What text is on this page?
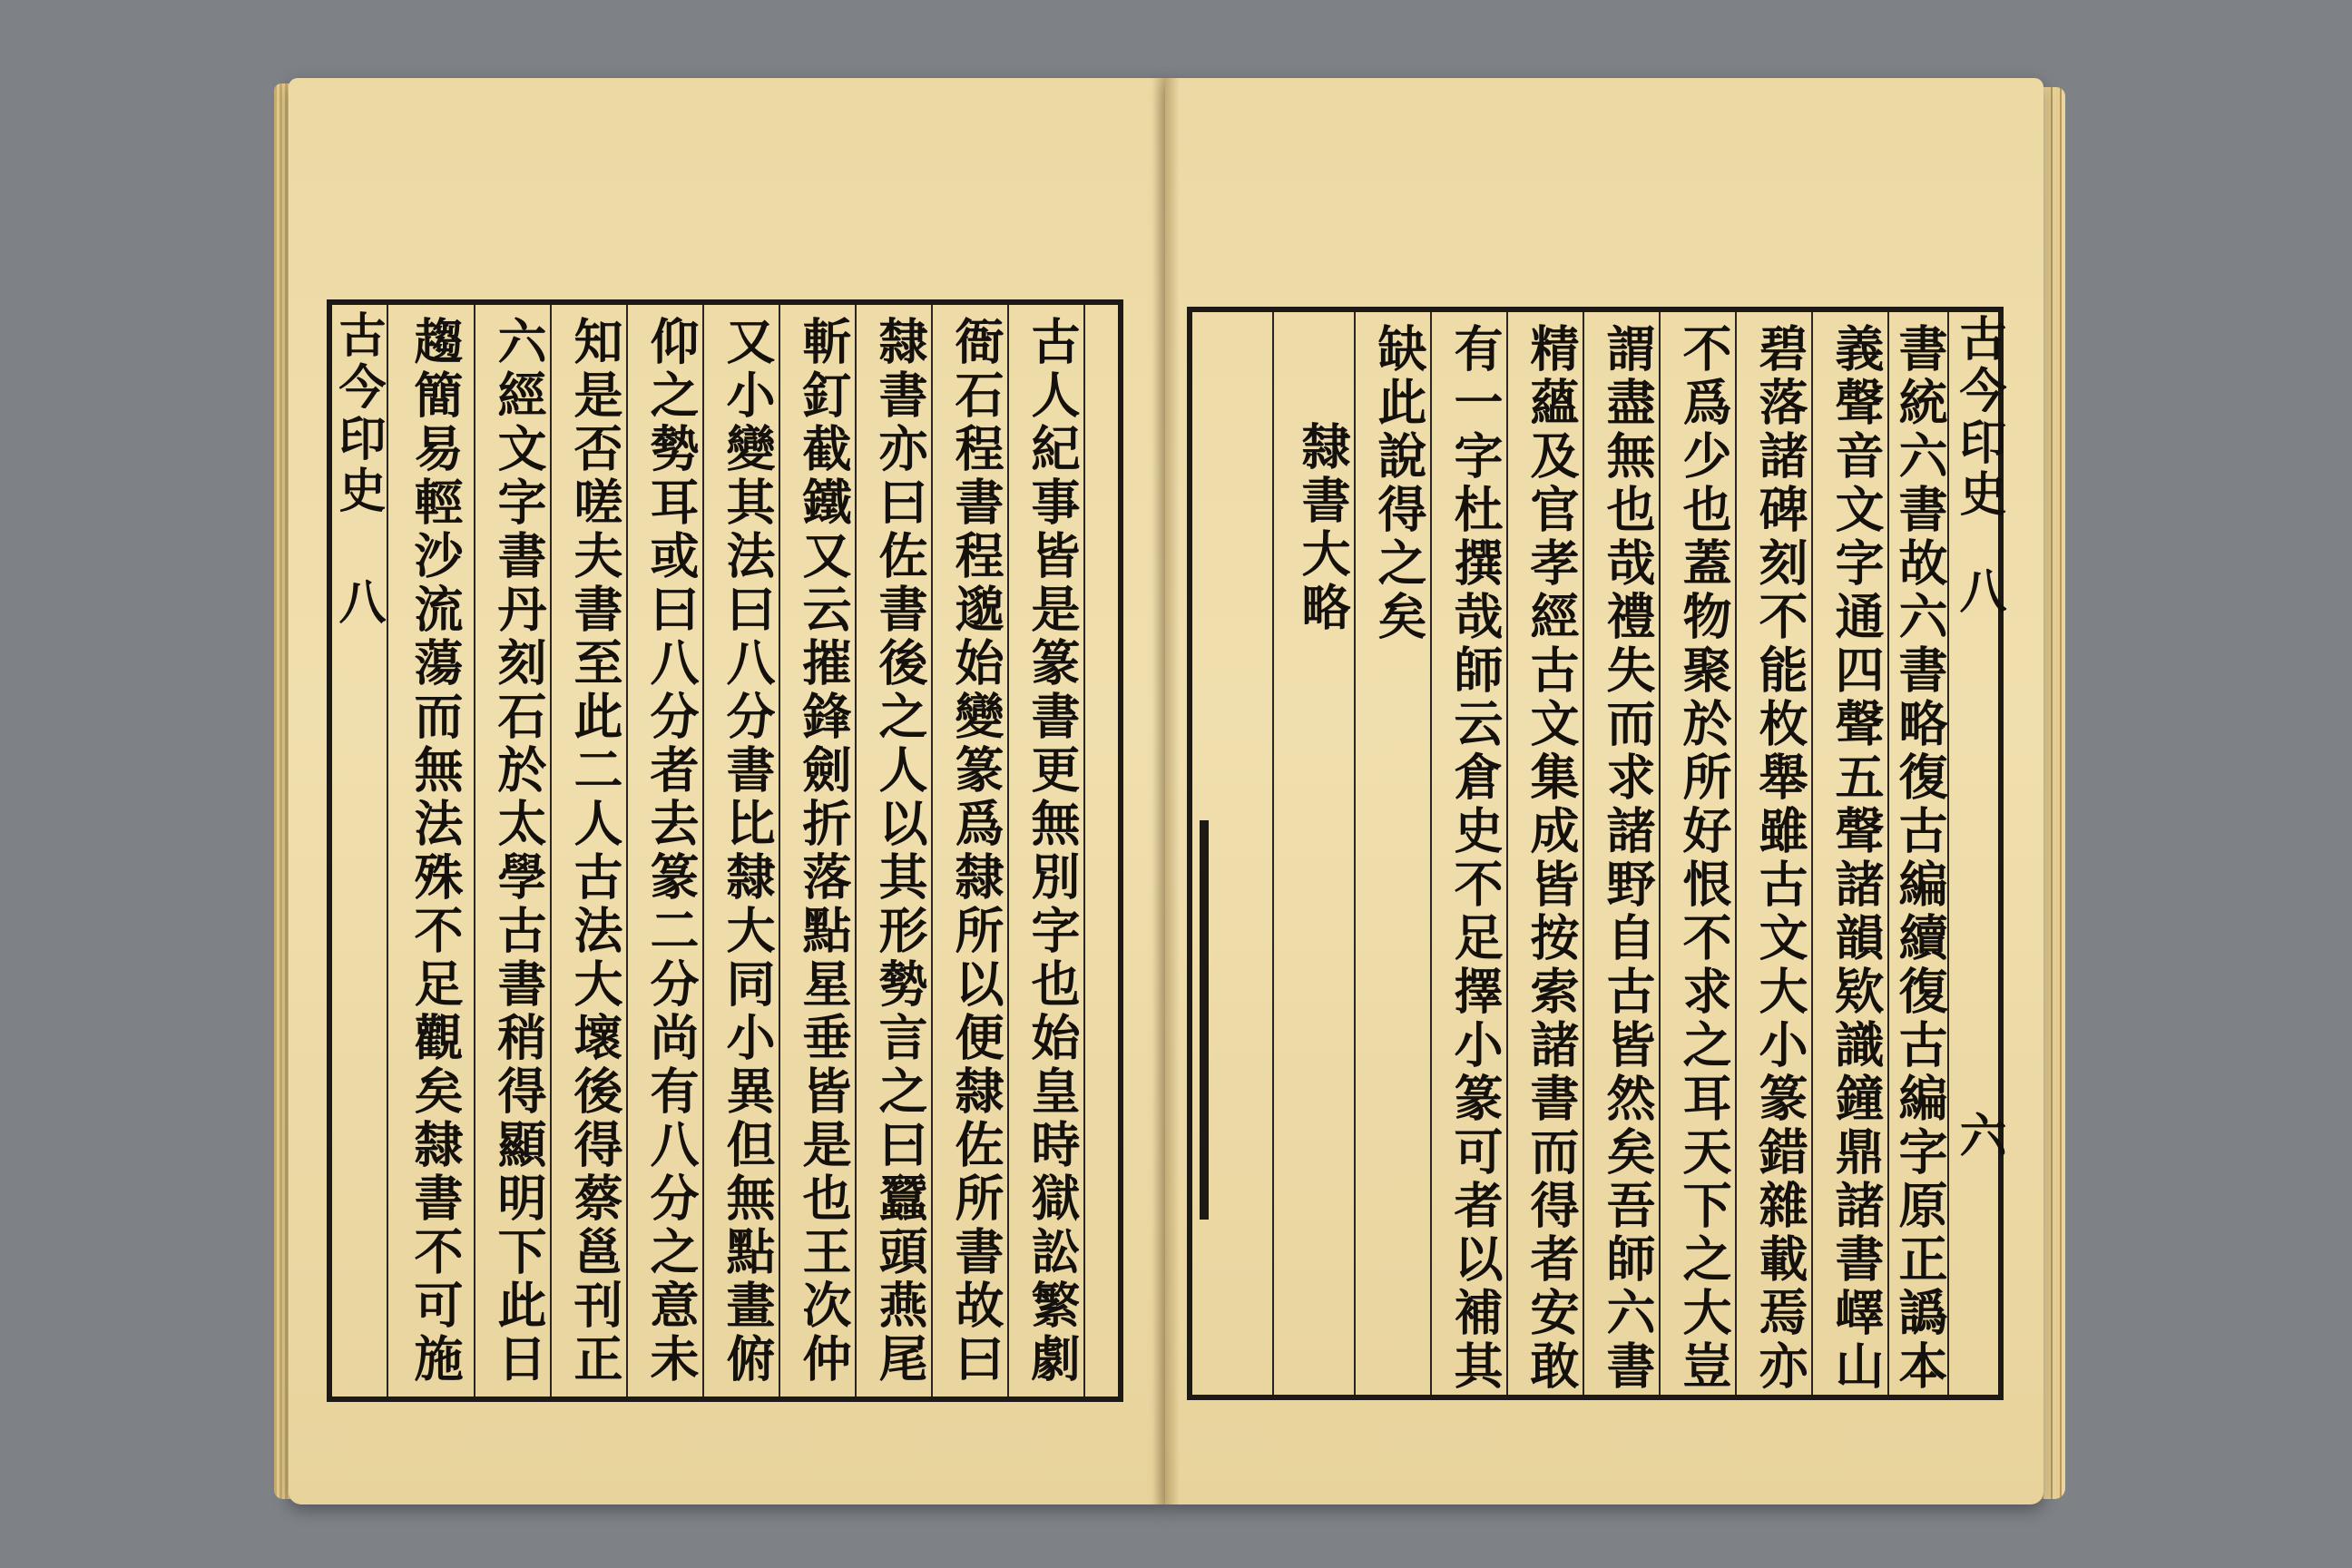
古今印史
八	古人紀事皆是篆書更無別字也始皇時獄訟繁劇
衙石程書程邈始變篆爲隸所以便隸佐所書故曰
隸書亦曰佐書後之人以其形勢言之曰蠶頭燕尾
斬釘截鐵又云摧鋒劍折落點星垂皆是也王次仲
又小變其法曰八分書比隸大同小異但無點畫俯
仰之勢耳或曰八分者去篆二分尚有八分之意未
知是否嗟夫書至此二人古法大壞後得蔡邕刊正
六經文字書丹刻石於太學古書稍得顯明下此日
趨簡易輕沙流蕩而無法殊不足觀矣隸書不可施	古今印史
八
六
書統六書故六書略復古編續復古編字原正譌本
義聲音文字通四聲五聲諸韻欵識鐘鼎諸書嶧山
碧落諸碑刻不能枚舉雖古文大小篆錯雜載焉亦
不爲少也蓋物聚於所好恨不求之耳天下之大豈
謂盡無也哉禮失而求諸野自古皆然矣吾師六書
精蘊及官孝經古文集成皆按索諸書而得者安敢
有一字杜撰哉師云倉史不足擇小篆可者以補其
缺此說得之矣
隸書大略
